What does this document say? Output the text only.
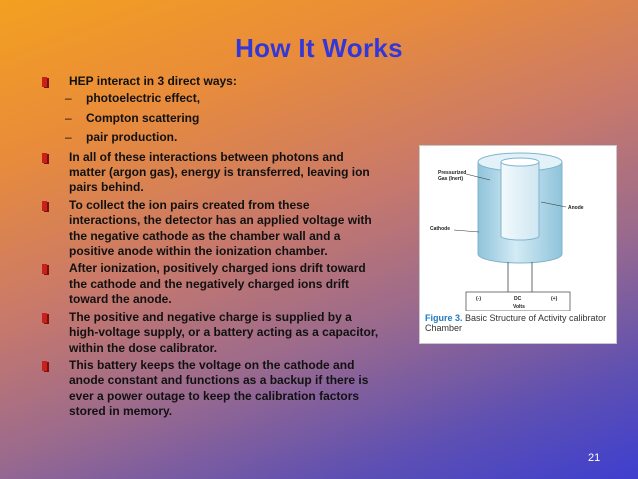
How It Works
HEP interact in 3 direct ways:
– photoelectric effect,
– Compton scattering
– pair production.
In all of these interactions between photons and matter (argon gas), energy is transferred, leaving ion pairs behind.
To collect the ion pairs created from these interactions, the detector has an applied voltage with the negative cathode as the chamber wall and a positive anode within the ionization chamber.
After ionization, positively charged ions drift toward the cathode and the negatively charged ions drift toward the anode.
The positive and negative charge is supplied by a high-voltage supply, or a battery acting as a capacitor, within the dose calibrator.
This battery keeps the voltage on the cathode and anode constant and functions as a backup if there is ever a power outage to keep the calibration factors stored in memory.
Pressurized
Gas (Inert)
Anode
Cathode
(-)	DC	(+)
Volts
Figure 3. Basic Structure of Activity calibrator Chamber
21
